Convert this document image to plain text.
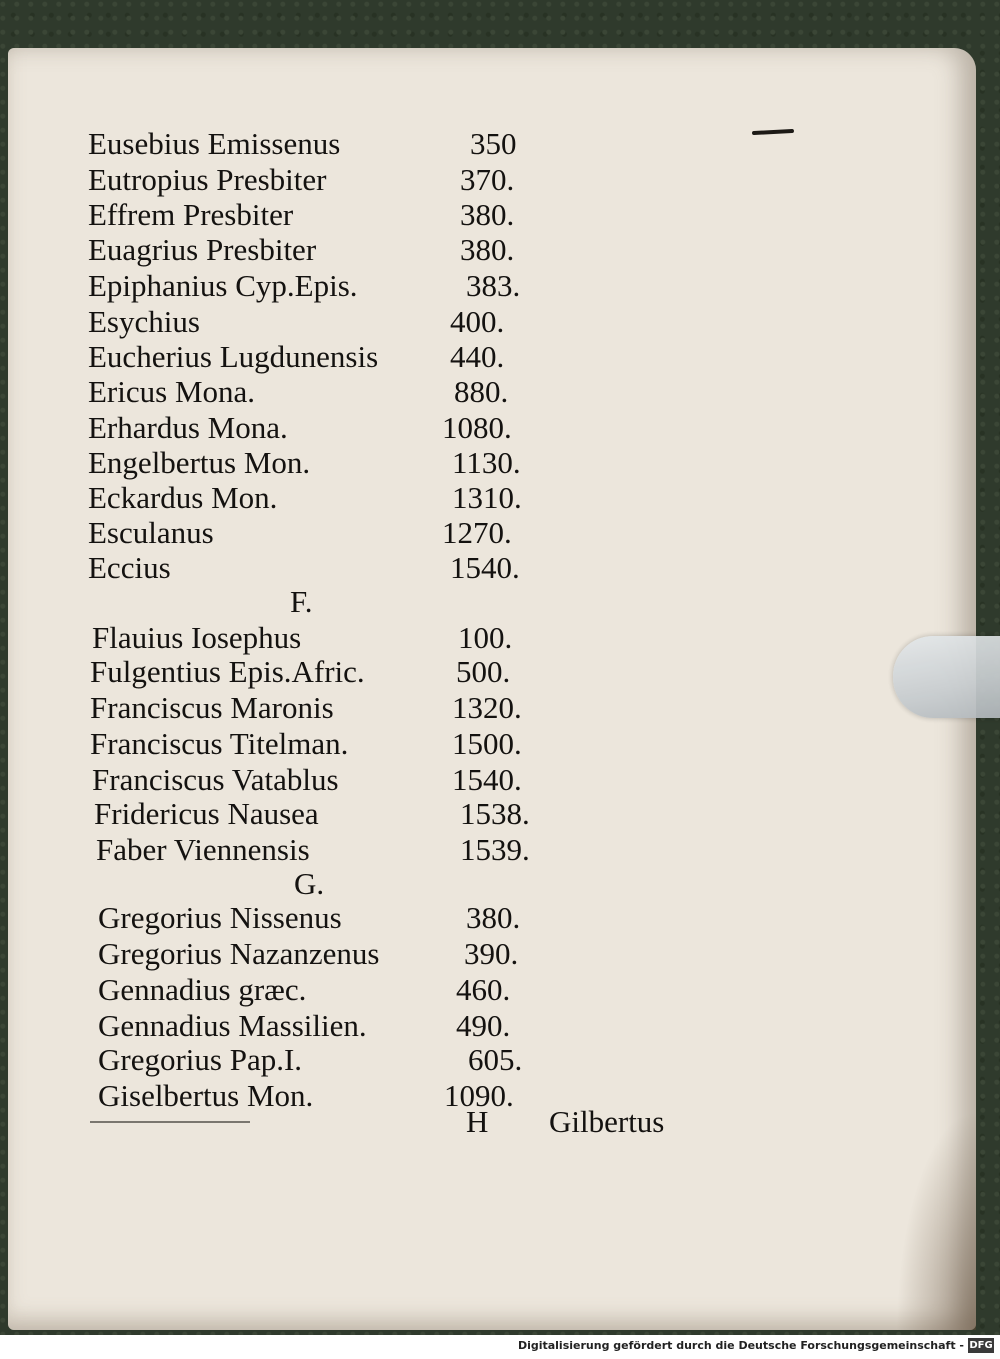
Eusebius Emissenus	350
Eutropius Presbiter	370.
Effrem Presbiter	380.
Euagrius Presbiter	380.
Epiphanius Cyp.Epis.	383.
Esychius	400.
Eucherius Lugdunensis 440.
Ericus Mona.	880.
Erhardus Mona.	1080.
Engelbertus Mon.	1130.
Eckardus Mon.	1310.
Esculanus	1270.
Eccius	1540.
F.
Flauius Iosephus	100.
Fulgentius Epis.Afric.	500.
Franciscus Maronis	1320.
Franciscus Titelman.	1500.
Franciscus Vatablus	1540.
Fridericus Nausea	1538.
Faber Viennensis	1539.
G.
Gregorius Nissenus	380.
Gregorius Nazanzenus	390.
Gennadius græc.	460.
Gennadius Massilien.	490.
Gregorius Pap.I.	605.
Giselbertus Mon.	1090.
H Gilbertus
Digitalisierung gefördert durch die Deutsche Forschungsgemeinschaft - DFG
